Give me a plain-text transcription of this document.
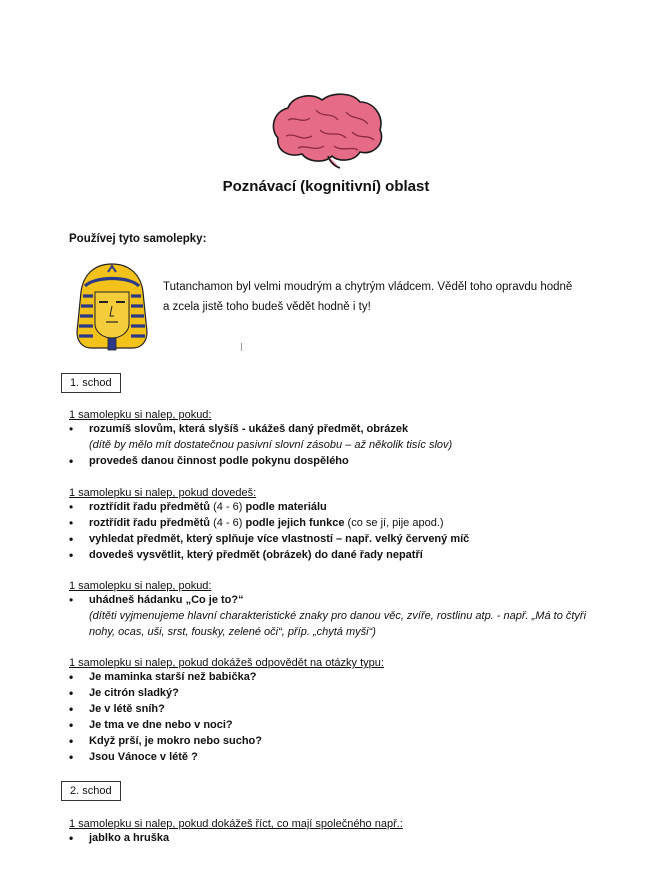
Poznávací (kognitivní) oblast
Používej tyto samolepky:
Tutanchamon byl velmi moudrým a chytrým vládcem. Věděl toho opravdu hodně
a zcela jistě toho budeš vědět hodně i ty!
1. schod
1 samolepku si nalep, pokud:
• rozumíš slovům, která slyšíš - ukážeš daný předmět, obrázek
(dítě by mělo mít dostatečnou pasivní slovní zásobu – až několik tisíc slov)
• provedeš danou činnost podle pokynu dospělého
1 samolepku si nalep, pokud dovedeš:
• roztřídit řadu předmětů (4 - 6) podle materiálu
• roztřídit řadu předmětů (4 - 6) podle jejich funkce (co se jí, pije apod.)
• vyhledat předmět, který splňuje více vlastností – např. velký červený míč
• dovedeš vysvětlit, který předmět (obrázek) do dané řady nepatří
1 samolepku si nalep, pokud:
• uhádneš hádanku „Co je to?“
(dítěti vyjmenujeme hlavní charakteristické znaky pro danou věc, zvíře, rostlinu atp. - např. „Má to čtyři nohy, ocas, uši, srst, fousky, zelené oči“, příp. „chytá myši“)
1 samolepku si nalep, pokud dokážeš odpovědět na otázky typu:
• Je maminka starší než babička?
• Je citrón sladký?
• Je v létě sníh?
• Je tma ve dne nebo v noci?
• Když prší, je mokro nebo sucho?
• Jsou Vánoce v létě ?
2. schod
1 samolepku si nalep, pokud dokážeš říct, co mají společného např.:
• jablko a hruška
